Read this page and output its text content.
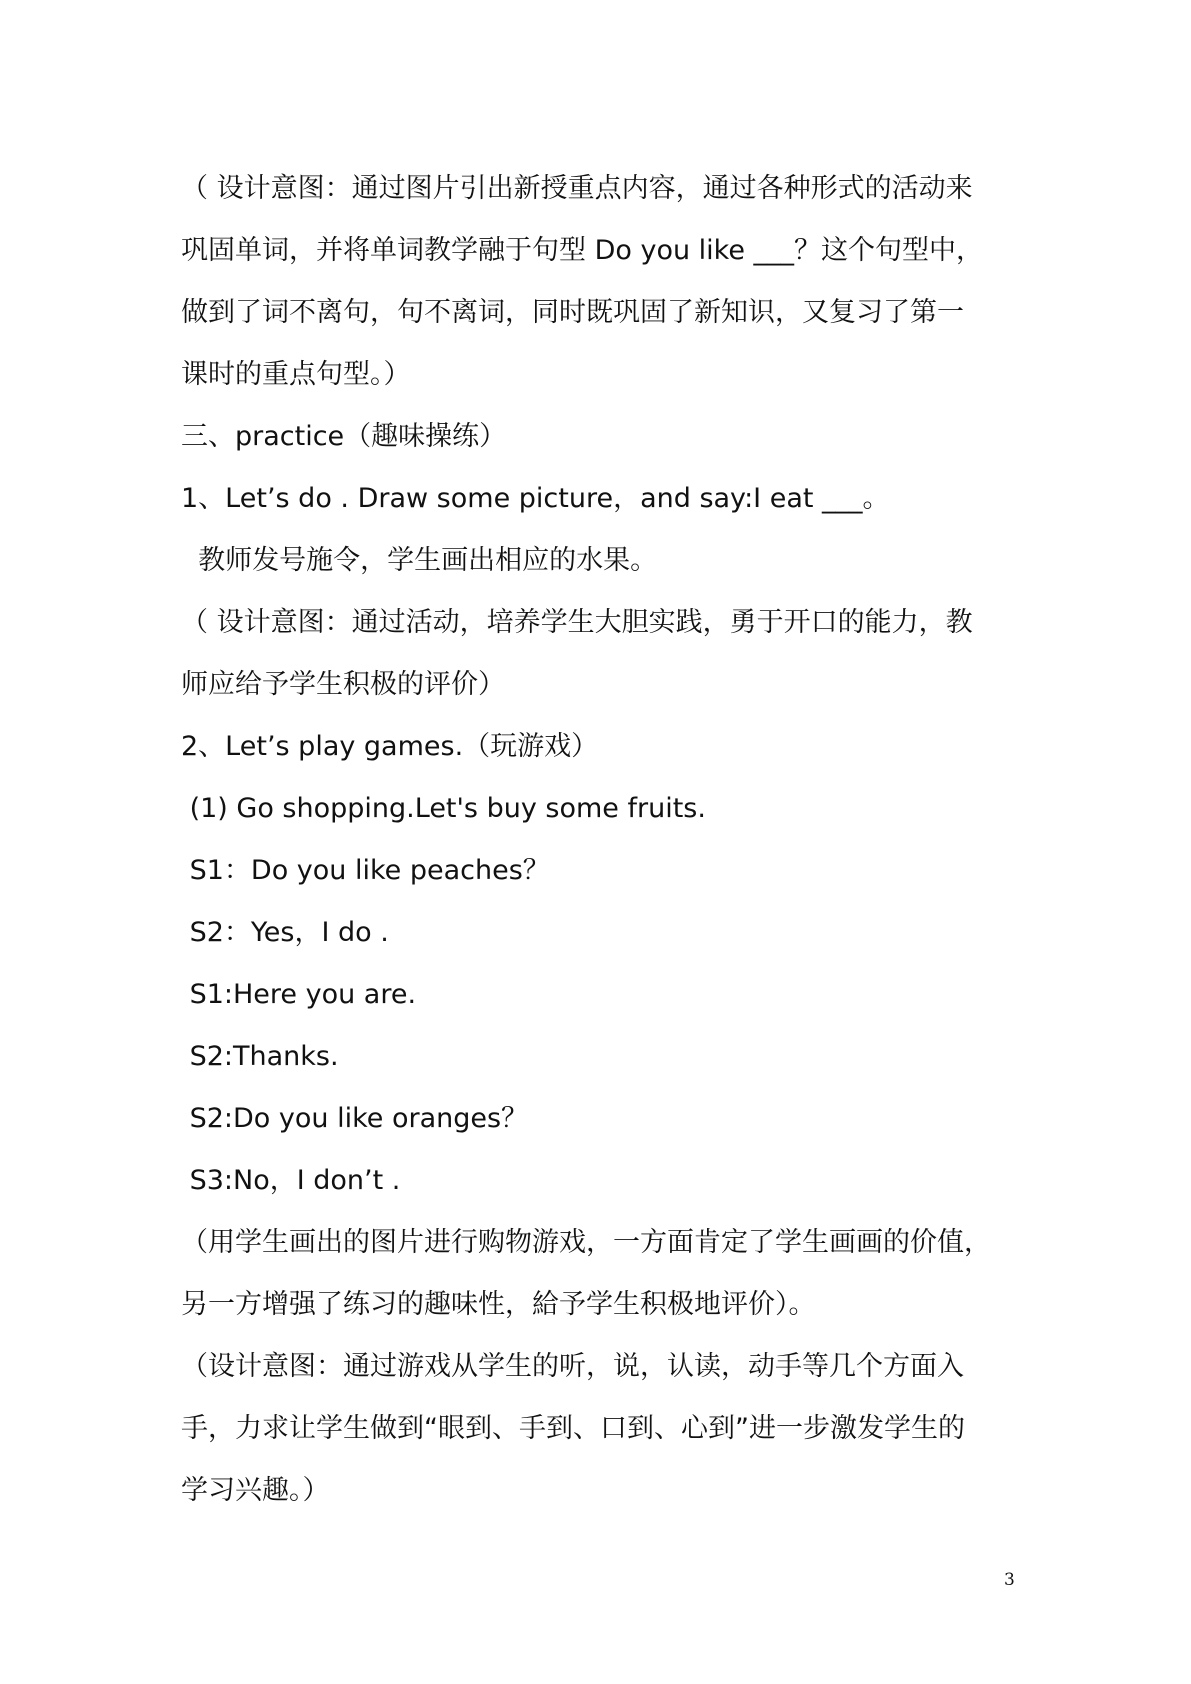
（ 设计意图：通过图片引出新授重点内容，通过各种形式的活动来
巩固单词，并将单词教学融于句型 Do you like ___？这个句型中，
做到了词不离句，句不离词，同时既巩固了新知识，又复习了第一
课时的重点句型。）
三、practice（趣味操练）
1、Let’s do . Draw some picture，and say:I eat ___。
教师发号施令，学生画出相应的水果。
（ 设计意图：通过活动，培养学生大胆实践，勇于开口的能力，教
师应给予学生积极的评价）
2、Let’s play games.（玩游戏）
(1) Go shopping.Let's buy some fruits.
S1：Do you like peaches？
S2：Yes，I do .
S1:Here you are.
S2:Thanks.
S2:Do you like oranges？
S3:No，I don’t .
（用学生画出的图片进行购物游戏，一方面肯定了学生画画的价值，
另一方增强了练习的趣味性，給予学生积极地评价）。
（设计意图：通过游戏从学生的听，说，认读，动手等几个方面入
手，力求让学生做到“眼到、手到、口到、心到”进一步激发学生的
学习兴趣。）
3
